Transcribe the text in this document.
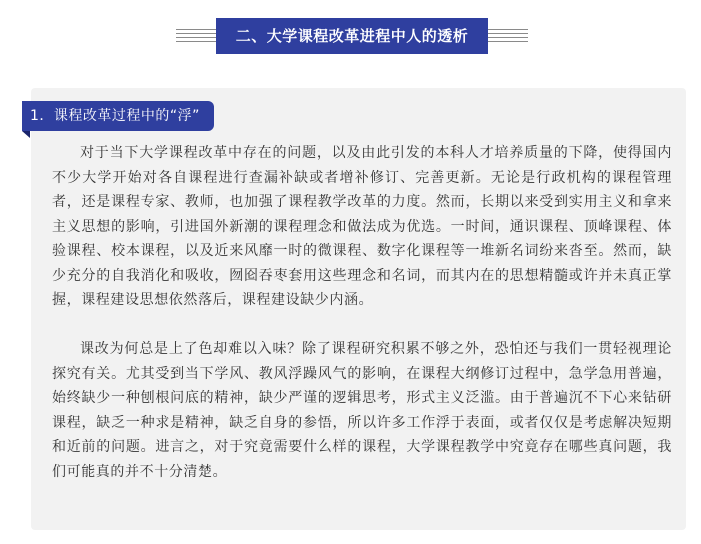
二、大学课程改革进程中人的透析
1．课程改革过程中的“浮”

对于当下大学课程改革中存在的问题，以及由此引发的本科人才培养质量的下降，使得国内不少大学开始对各自课程进行查漏补缺或者增补修订、完善更新。无论是行政机构的课程管理者，还是课程专家、教师，也加强了课程教学改革的力度。然而，长期以来受到实用主义和拿来主义思想的影响，引进国外新潮的课程理念和做法成为优选。一时间，通识课程、顶峰课程、体验课程、校本课程，以及近来风靡一时的微课程、数字化课程等一堆新名词纷来沓至。然而，缺少充分的自我消化和吸收，囫囵吞枣套用这些理念和名词，而其内在的思想精髓或许并未真正掌握，课程建设思想依然落后，课程建设缺少内涵。

课改为何总是上了色却难以入味？除了课程研究积累不够之外，恐怕还与我们一贯轻视理论探究有关。尤其受到当下学风、教风浮躁风气的影响，在课程大纲修订过程中，急学急用普遍，始终缺少一种刨根问底的精神，缺少严谨的逻辑思考，形式主义泛滥。由于普遍沉不下心来钻研课程，缺乏一种求是精神，缺乏自身的参悟，所以许多工作浮于表面，或者仅仅是考虑解决短期和近前的问题。进言之，对于究竟需要什么样的课程，大学课程教学中究竟存在哪些真问题，我们可能真的并不十分清楚。
